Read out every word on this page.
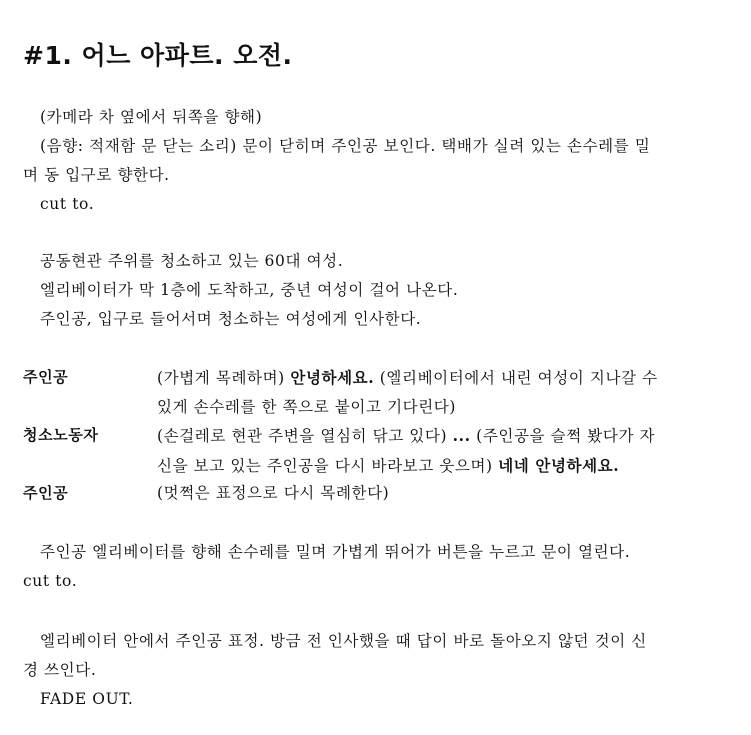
#1. 어느 아파트. 오전.
(카메라 차 옆에서 뒤쪽을 향해)
(음향: 적재함 문 닫는 소리) 문이 닫히며 주인공 보인다. 택배가 실려 있는 손수레를 밀
며 동 입구로 향한다.
cut to.
공동현관 주위를 청소하고 있는 60대 여성.
엘리베이터가 막 1층에 도착하고, 중년 여성이 걸어 나온다.
주인공, 입구로 들어서며 청소하는 여성에게 인사한다.
주인공	(가볍게 목례하며) 안녕하세요. (엘리베이터에서 내린 여성이 지나갈 수
있게 손수레를 한 쪽으로 붙이고 기다린다)
청소노동자	(손걸레로 현관 주변을 열심히 닦고 있다) ... (주인공을 슬쩍 봤다가 자
신을 보고 있는 주인공을 다시 바라보고 웃으며) 네네 안녕하세요.
주인공	(멋쩍은 표정으로 다시 목례한다)
주인공 엘리베이터를 향해 손수레를 밀며 가볍게 뛰어가 버튼을 누르고 문이 열린다.
cut to.
엘리베이터 안에서 주인공 표정. 방금 전 인사했을 때 답이 바로 돌아오지 않던 것이 신
경 쓰인다.
FADE OUT.
